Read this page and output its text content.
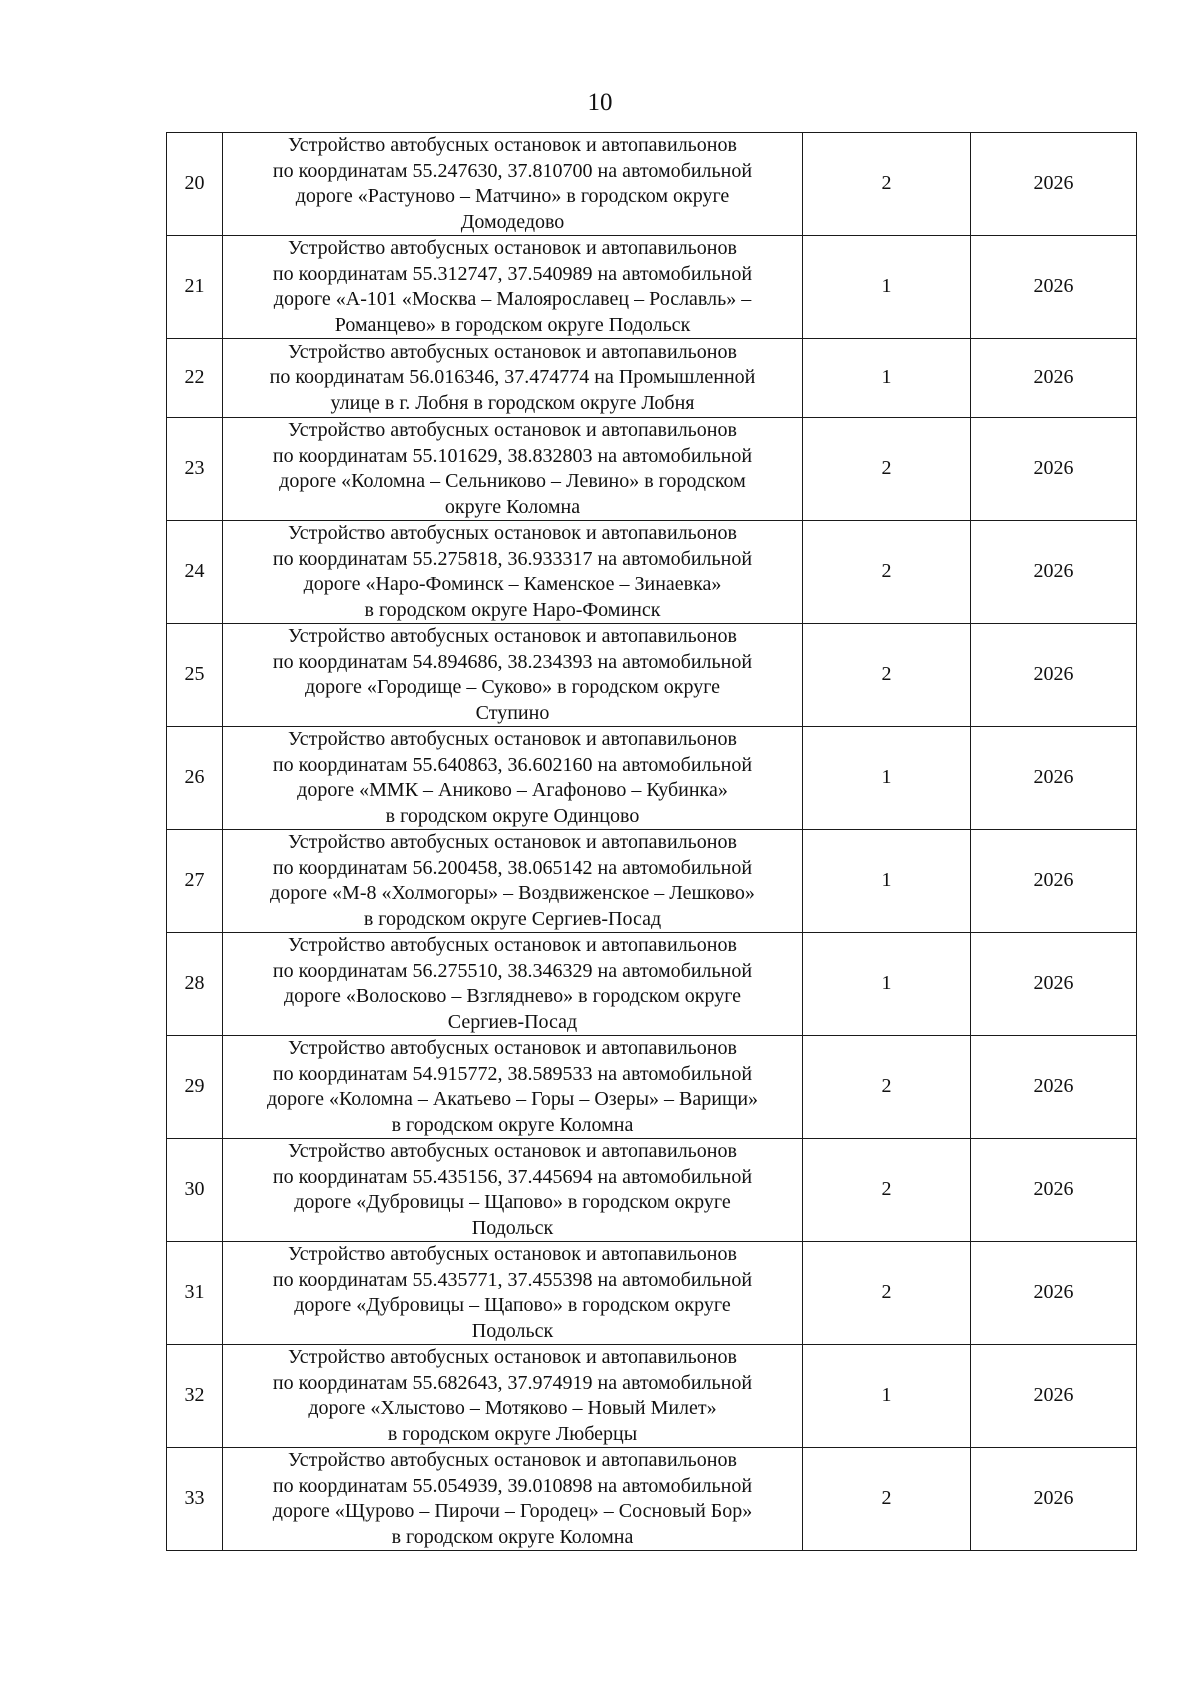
10
20	Устройство автобусных остановок и автопавильонов
по координатам 55.247630, 37.810700 на автомобильной
дороге «Растуново – Матчино» в городском округе
Домодедово	2	2026
21	Устройство автобусных остановок и автопавильонов
по координатам 55.312747, 37.540989 на автомобильной
дороге «А-101 «Москва – Малоярославец – Рославль» –
Романцево» в городском округе Подольск	1	2026
22	Устройство автобусных остановок и автопавильонов
по координатам 56.016346, 37.474774 на Промышленной
улице в г. Лобня в городском округе Лобня	1	2026
23	Устройство автобусных остановок и автопавильонов
по координатам 55.101629, 38.832803 на автомобильной
дороге «Коломна – Сельниково – Левино» в городском
округе Коломна	2	2026
24	Устройство автобусных остановок и автопавильонов
по координатам 55.275818, 36.933317 на автомобильной
дороге «Наро-Фоминск – Каменское – Зинаевка»
в городском округе Наро-Фоминск	2	2026
25	Устройство автобусных остановок и автопавильонов
по координатам 54.894686, 38.234393 на автомобильной
дороге «Городище – Суково» в городском округе
Ступино	2	2026
26	Устройство автобусных остановок и автопавильонов
по координатам 55.640863, 36.602160 на автомобильной
дороге «ММК – Аниково – Агафоново – Кубинка»
в городском округе Одинцово	1	2026
27	Устройство автобусных остановок и автопавильонов
по координатам 56.200458, 38.065142 на автомобильной
дороге «М-8 «Холмогоры» – Воздвиженское – Лешково»
в городском округе Сергиев-Посад	1	2026
28	Устройство автобусных остановок и автопавильонов
по координатам 56.275510, 38.346329 на автомобильной
дороге «Волосково – Взглядневo» в городском округе
Сергиев-Посад	1	2026
29	Устройство автобусных остановок и автопавильонов
по координатам 54.915772, 38.589533 на автомобильной
дороге «Коломна – Акатьево – Горы – Озеры» – Варищи»
в городском округе Коломна	2	2026
30	Устройство автобусных остановок и автопавильонов
по координатам 55.435156, 37.445694 на автомобильной
дороге «Дубровицы – Щапово» в городском округе
Подольск	2	2026
31	Устройство автобусных остановок и автопавильонов
по координатам 55.435771, 37.455398 на автомобильной
дороге «Дубровицы – Щапово» в городском округе
Подольск	2	2026
32	Устройство автобусных остановок и автопавильонов
по координатам 55.682643, 37.974919 на автомобильной
дороге «Хлыстово – Мотяково – Новый Милет»
в городском округе Люберцы	1	2026
33	Устройство автобусных остановок и автопавильонов
по координатам 55.054939, 39.010898 на автомобильной
дороге «Щурово – Пирочи – Городец» – Сосновый Бор»
в городском округе Коломна	2	2026
